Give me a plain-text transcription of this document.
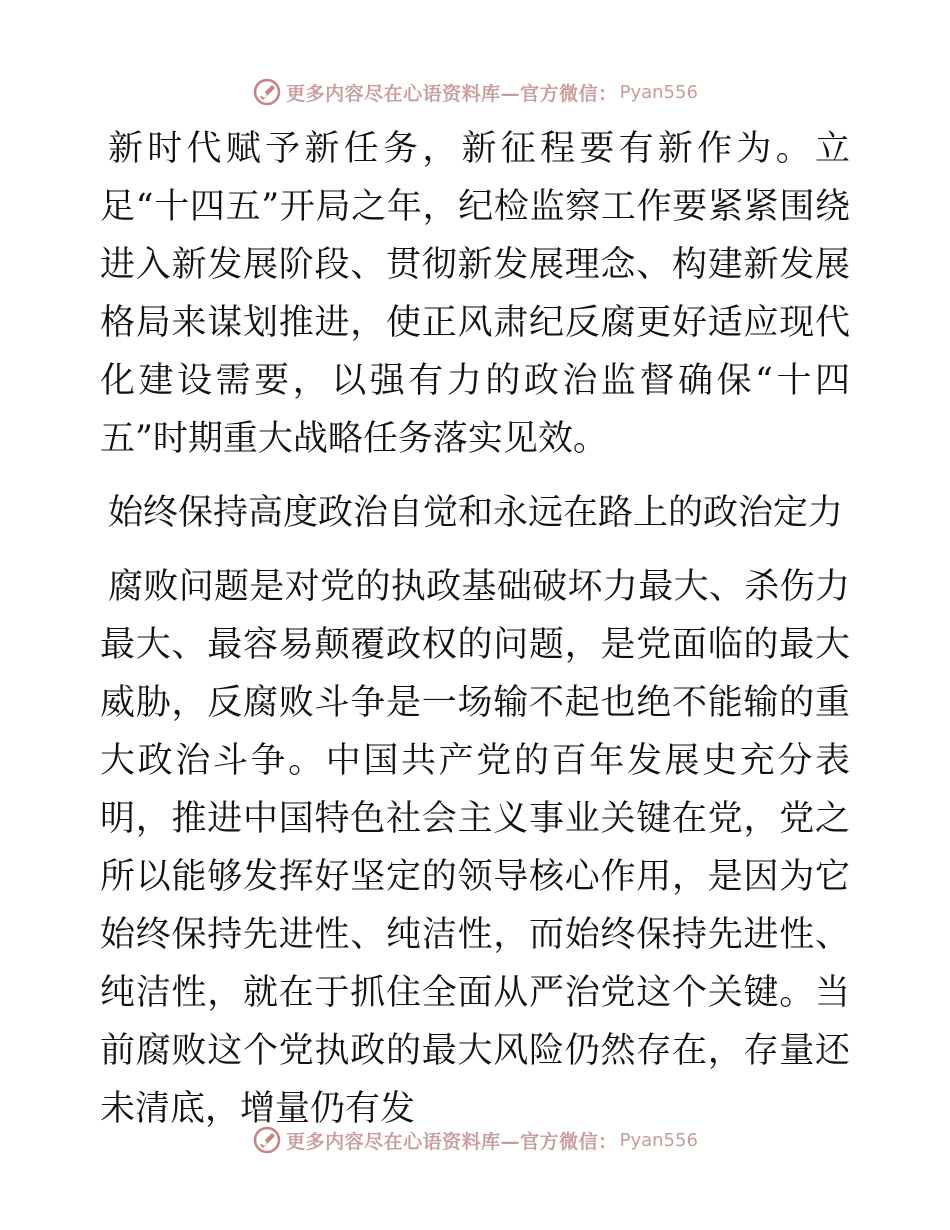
更多内容尽在心语资料库—官方微信： Pyan556

新时代赋予新任务，新征程要有新作为。立足“十四五”开局之年，纪检监察工作要紧紧围绕进入新发展阶段、贯彻新发展理念、构建新发展格局来谋划推进，使正风肃纪反腐更好适应现代化建设需要，以强有力的政治监督确保“十四五”时期重大战略任务落实见效。

始终保持高度政治自觉和永远在路上的政治定力

腐败问题是对党的执政基础破坏力最大、杀伤力最大、最容易颠覆政权的问题，是党面临的最大威胁，反腐败斗争是一场输不起也绝不能输的重大政治斗争。中国共产党的百年发展史充分表明，推进中国特色社会主义事业关键在党，党之所以能够发挥好坚定的领导核心作用，是因为它始终保持先进性、纯洁性，而始终保持先进性、纯洁性，就在于抓住全面从严治党这个关键。当前腐败这个党执政的最大风险仍然存在，存量还未清底，增量仍有发

更多内容尽在心语资料库—官方微信： Pyan556
